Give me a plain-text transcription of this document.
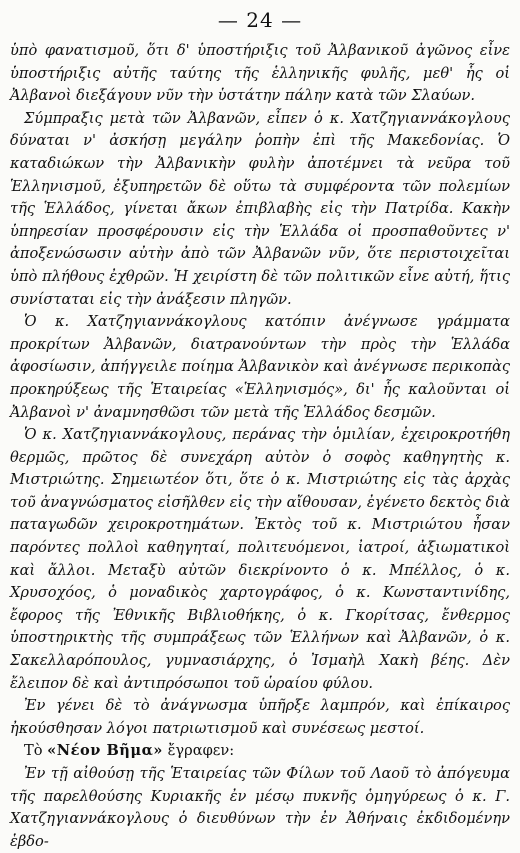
— 24 —

ὑπὸ φανατισμοῦ, ὅτι δ' ὑποστήριξις τοῦ Ἀλβανικοῦ ἀγῶνος εἶνε ὑποστήριξις αὐτῆς ταύτης τῆς ἑλληνικῆς φυλῆς, μεθ' ἧς οἱ Ἀλβανοὶ διεξάγουν νῦν τὴν ὑστάτην πάλην κατὰ τῶν Σλαύων.

Σύμπραξις μετὰ τῶν Ἀλβανῶν, εἶπεν ὁ κ. Χατζηγιαννάκογλους δύναται ν' ἀσκήσῃ μεγάλην ῥοπὴν ἐπὶ τῆς Μακεδονίας. Ὁ καταδιώκων τὴν Ἀλβανικὴν φυλὴν ἀποτέμνει τὰ νεῦρα τοῦ Ἑλληνισμοῦ, ἐξυπηρετῶν δὲ οὕτω τὰ συμφέροντα τῶν πολεμίων τῆς Ἑλλάδος, γίνεται ἄκων ἐπιβλαβὴς εἰς τὴν Πατρίδα. Κακὴν ὑπηρεσίαν προσφέρουσιν εἰς τὴν Ἑλλάδα οἱ προσπαθοῦντες ν' ἀποξενώσωσιν αὐτὴν ἀπὸ τῶν Ἀλβανῶν νῦν, ὅτε περιστοιχεῖται ὑπὸ πλήθους ἐχθρῶν. Ἡ χειρίστη δὲ τῶν πολιτικῶν εἶνε αὐτή, ἥτις συνίσταται εἰς τὴν ἀνάξεσιν πληγῶν.

Ὁ κ. Χατζηγιαννάκογλους κατόπιν ἀνέγνωσε γράμματα προκρίτων Ἀλβανῶν, διατρανούντων τὴν πρὸς τὴν Ἑλλάδα ἀφοσίωσιν, ἀπήγγειλε ποίημα Ἀλβανικὸν καὶ ἀνέγνωσε περικοπὰς προκηρύξεως τῆς Ἑταιρείας «Ἑλληνισμός», δι' ἧς καλοῦνται οἱ Ἀλβανοὶ ν' ἀναμνησθῶσι τῶν μετὰ τῆς Ἑλλάδος δεσμῶν.

Ὁ κ. Χατζηγιαννάκογλους, περάνας τὴν ὁμιλίαν, ἐχειροκροτήθη θερμῶς, πρῶτος δὲ συνεχάρη αὐτὸν ὁ σοφὸς καθηγητὴς κ. Μιστριώτης. Σημειωτέον ὅτι, ὅτε ὁ κ. Μιστριώτης εἰς τὰς ἀρχὰς τοῦ ἀναγνώσματος εἰσῆλθεν εἰς τὴν αἴθουσαν, ἐγένετο δεκτὸς διὰ παταγωδῶν χειροκροτημάτων. Ἐκτὸς τοῦ κ. Μιστριώτου ἦσαν παρόντες πολλοὶ καθηγηταί, πολιτευόμενοι, ἰατροί, ἀξιωματικοὶ καὶ ἄλλοι. Μεταξὺ αὐτῶν διεκρίνοντο ὁ κ. Μπέλλος, ὁ κ. Χρυσοχόος, ὁ μοναδικὸς χαρτογράφος, ὁ κ. Κωνσταντινίδης, ἔφορος τῆς Ἐθνικῆς Βιβλιοθήκης, ὁ κ. Γκορίτσας, ἔνθερμος ὑποστηρικτὴς τῆς συμπράξεως τῶν Ἑλλήνων καὶ Ἀλβανῶν, ὁ κ. Σακελλαρόπουλος, γυμνασιάρχης, ὁ Ἰσμαὴλ Χακὴ βέης. Δὲν ἔλειπον δὲ καὶ ἀντιπρόσωποι τοῦ ὡραίου φύλου.

Ἐν γένει δὲ τὸ ἀνάγνωσμα ὑπῆρξε λαμπρόν, καὶ ἐπίκαιρος ἠκούσθησαν λόγοι πατριωτισμοῦ καὶ συνέσεως μεστοί.

Τὸ «Νέον Βῆμα» ἔγραφεν:

Ἐν τῇ αἰθούσῃ τῆς Ἑταιρείας τῶν Φίλων τοῦ Λαοῦ τὸ ἀπόγευμα τῆς παρελθούσης Κυριακῆς ἐν μέσῳ πυκνῆς ὁμηγύρεως ὁ κ. Γ. Χατζηγιαννάκογλους ὁ διευθύνων τὴν ἐν Ἀθήναις ἐκδιδομένην ἑβδο-
